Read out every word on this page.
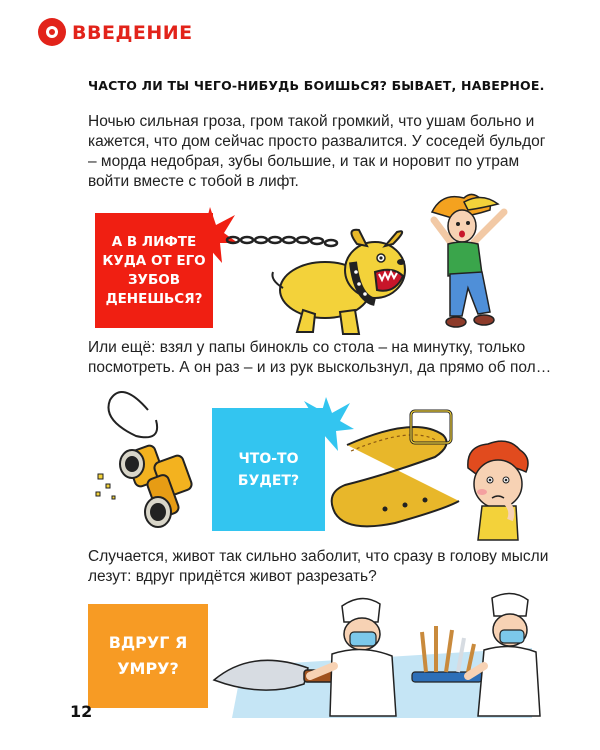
ВВЕДЕНИЕ
ЧАСТО ЛИ ТЫ ЧЕГО-НИБУДЬ БОИШЬСЯ? БЫВАЕТ, НАВЕРНОЕ.
Ночью сильная гроза, гром такой громкий, что ушам больно и кажется, что дом сейчас просто развалится. У соседей бульдог – морда недобрая, зубы большие, и так и норовит по утрам войти вместе с тобой в лифт.
А В ЛИФТЕ КУДА ОТ ЕГО ЗУБОВ ДЕНЕШЬСЯ?
Или ещё: взял у папы бинокль со стола – на минутку, только посмотреть. А он раз – и из рук выскользнул, да прямо об пол…
ЧТО-ТО БУДЕТ?
Случается, живот так сильно заболит, что сразу в голову мысли лезут: вдруг придётся живот разрезать?
ВДРУГ Я УМРУ?
12
